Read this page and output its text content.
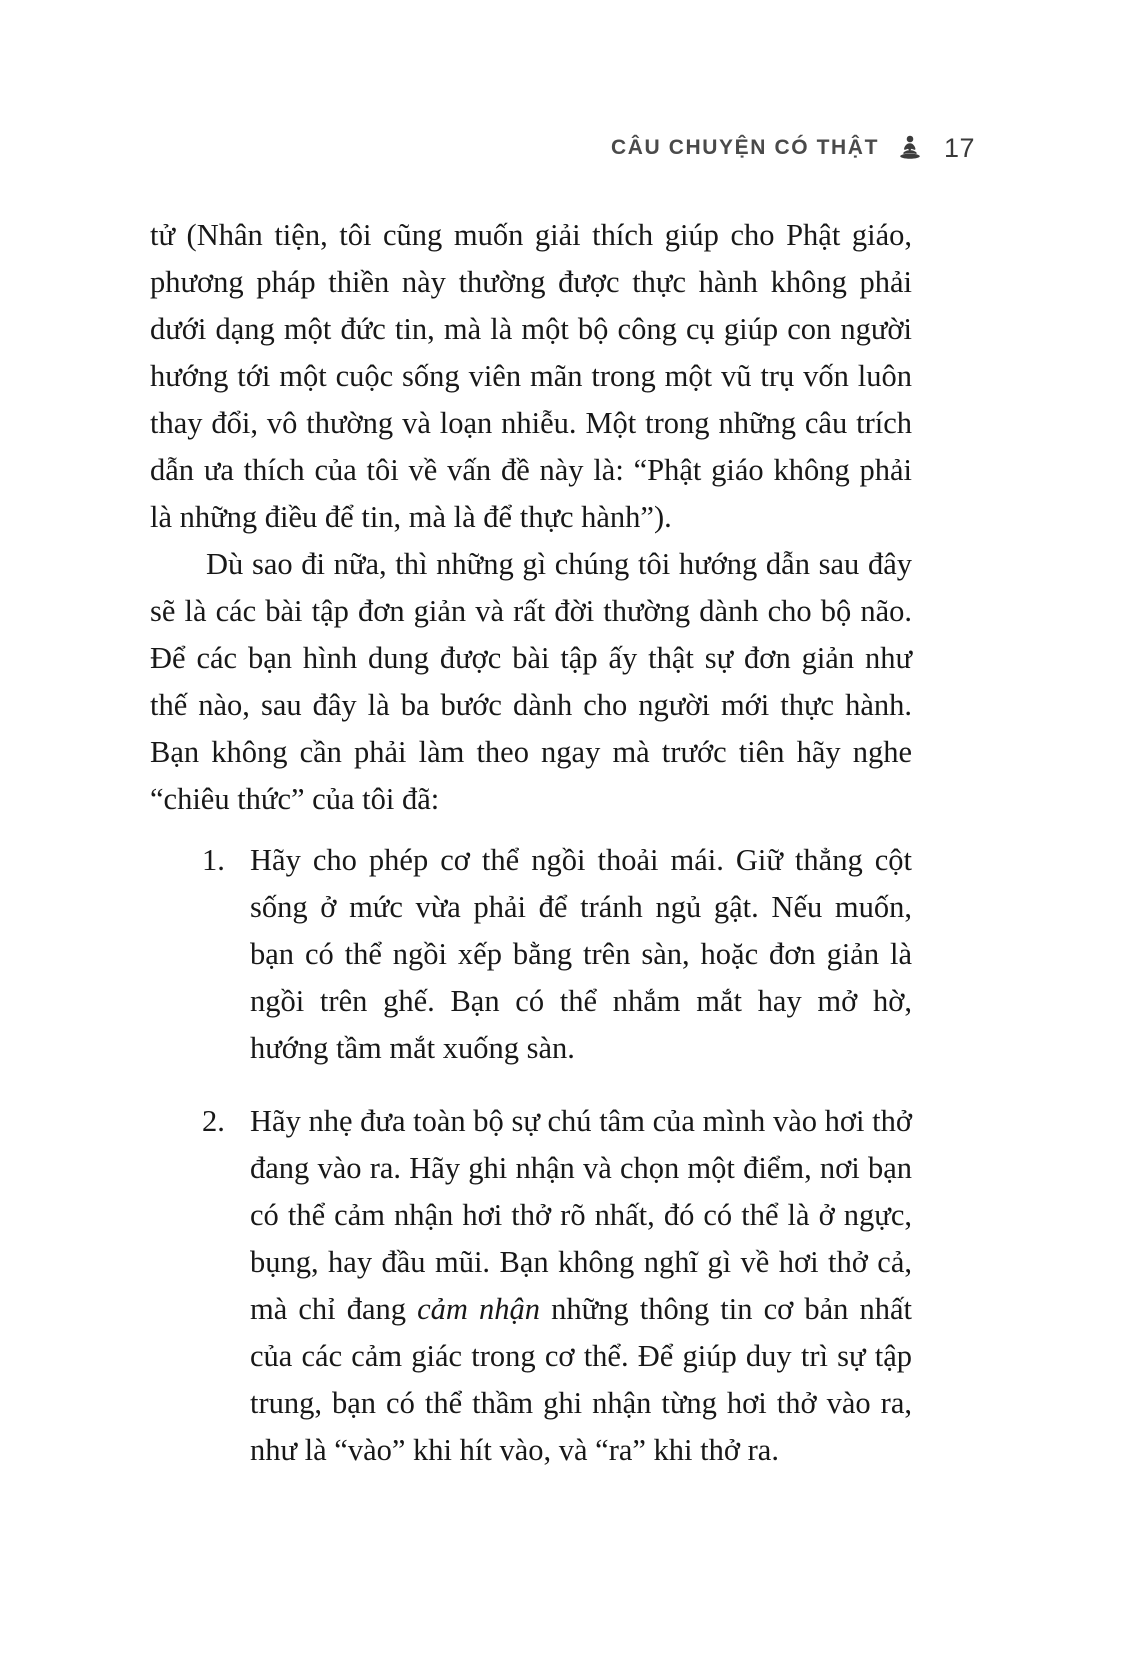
CÂU CHUYỆN CÓ THẬT 17

tử (Nhân tiện, tôi cũng muốn giải thích giúp cho Phật giáo, phương pháp thiền này thường được thực hành không phải dưới dạng một đức tin, mà là một bộ công cụ giúp con người hướng tới một cuộc sống viên mãn trong một vũ trụ vốn luôn thay đổi, vô thường và loạn nhiễu. Một trong những câu trích dẫn ưa thích của tôi về vấn đề này là: “Phật giáo không phải là những điều để tin, mà là để thực hành”).

Dù sao đi nữa, thì những gì chúng tôi hướng dẫn sau đây sẽ là các bài tập đơn giản và rất đời thường dành cho bộ não. Để các bạn hình dung được bài tập ấy thật sự đơn giản như thế nào, sau đây là ba bước dành cho người mới thực hành. Bạn không cần phải làm theo ngay mà trước tiên hãy nghe “chiêu thức” của tôi đã:

1. Hãy cho phép cơ thể ngồi thoải mái. Giữ thẳng cột sống ở mức vừa phải để tránh ngủ gật. Nếu muốn, bạn có thể ngồi xếp bằng trên sàn, hoặc đơn giản là ngồi trên ghế. Bạn có thể nhắm mắt hay mở hờ, hướng tầm mắt xuống sàn.
2. Hãy nhẹ đưa toàn bộ sự chú tâm của mình vào hơi thở đang vào ra. Hãy ghi nhận và chọn một điểm, nơi bạn có thể cảm nhận hơi thở rõ nhất, đó có thể là ở ngực, bụng, hay đầu mũi. Bạn không nghĩ gì về hơi thở cả, mà chỉ đang cảm nhận những thông tin cơ bản nhất của các cảm giác trong cơ thể. Để giúp duy trì sự tập trung, bạn có thể thầm ghi nhận từng hơi thở vào ra, như là “vào” khi hít vào, và “ra” khi thở ra.
